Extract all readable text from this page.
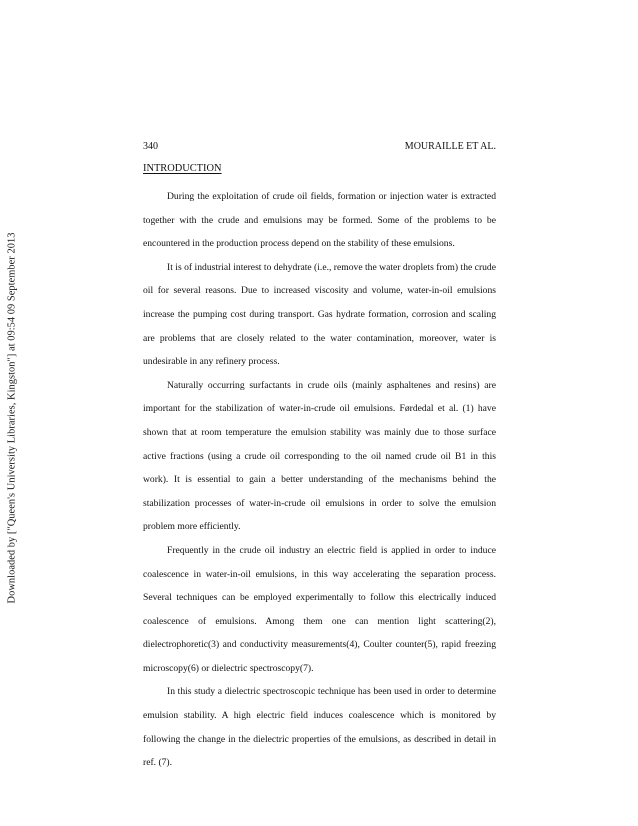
Downloaded by ["Queen's University Libraries, Kingston"] at 09:54 09 September 2013
340	MOURAILLE ET AL.
INTRODUCTION

During the exploitation of crude oil fields, formation or injection water is extracted together with the crude and emulsions may be formed. Some of the problems to be encountered in the production process depend on the stability of these emulsions.

It is of industrial interest to dehydrate (i.e., remove the water droplets from) the crude oil for several reasons. Due to increased viscosity and volume, water-in-oil emulsions increase the pumping cost during transport. Gas hydrate formation, corrosion and scaling are problems that are closely related to the water contamination, moreover, water is undesirable in any refinery process.

Naturally occurring surfactants in crude oils (mainly asphaltenes and resins) are important for the stabilization of water-in-crude oil emulsions. Førdedal et al. (1) have shown that at room temperature the emulsion stability was mainly due to those surface active fractions (using a crude oil corresponding to the oil named crude oil B1 in this work). It is essential to gain a better understanding of the mechanisms behind the stabilization processes of water-in-crude oil emulsions in order to solve the emulsion problem more efficiently.

Frequently in the crude oil industry an electric field is applied in order to induce coalescence in water-in-oil emulsions, in this way accelerating the separation process. Several techniques can be employed experimentally to follow this electrically induced coalescence of emulsions. Among them one can mention light scattering(2), dielectrophoretic(3) and conductivity measurements(4), Coulter counter(5), rapid freezing microscopy(6) or dielectric spectroscopy(7).

In this study a dielectric spectroscopic technique has been used in order to determine emulsion stability. A high electric field induces coalescence which is monitored by following the change in the dielectric properties of the emulsions, as described in detail in ref. (7).
